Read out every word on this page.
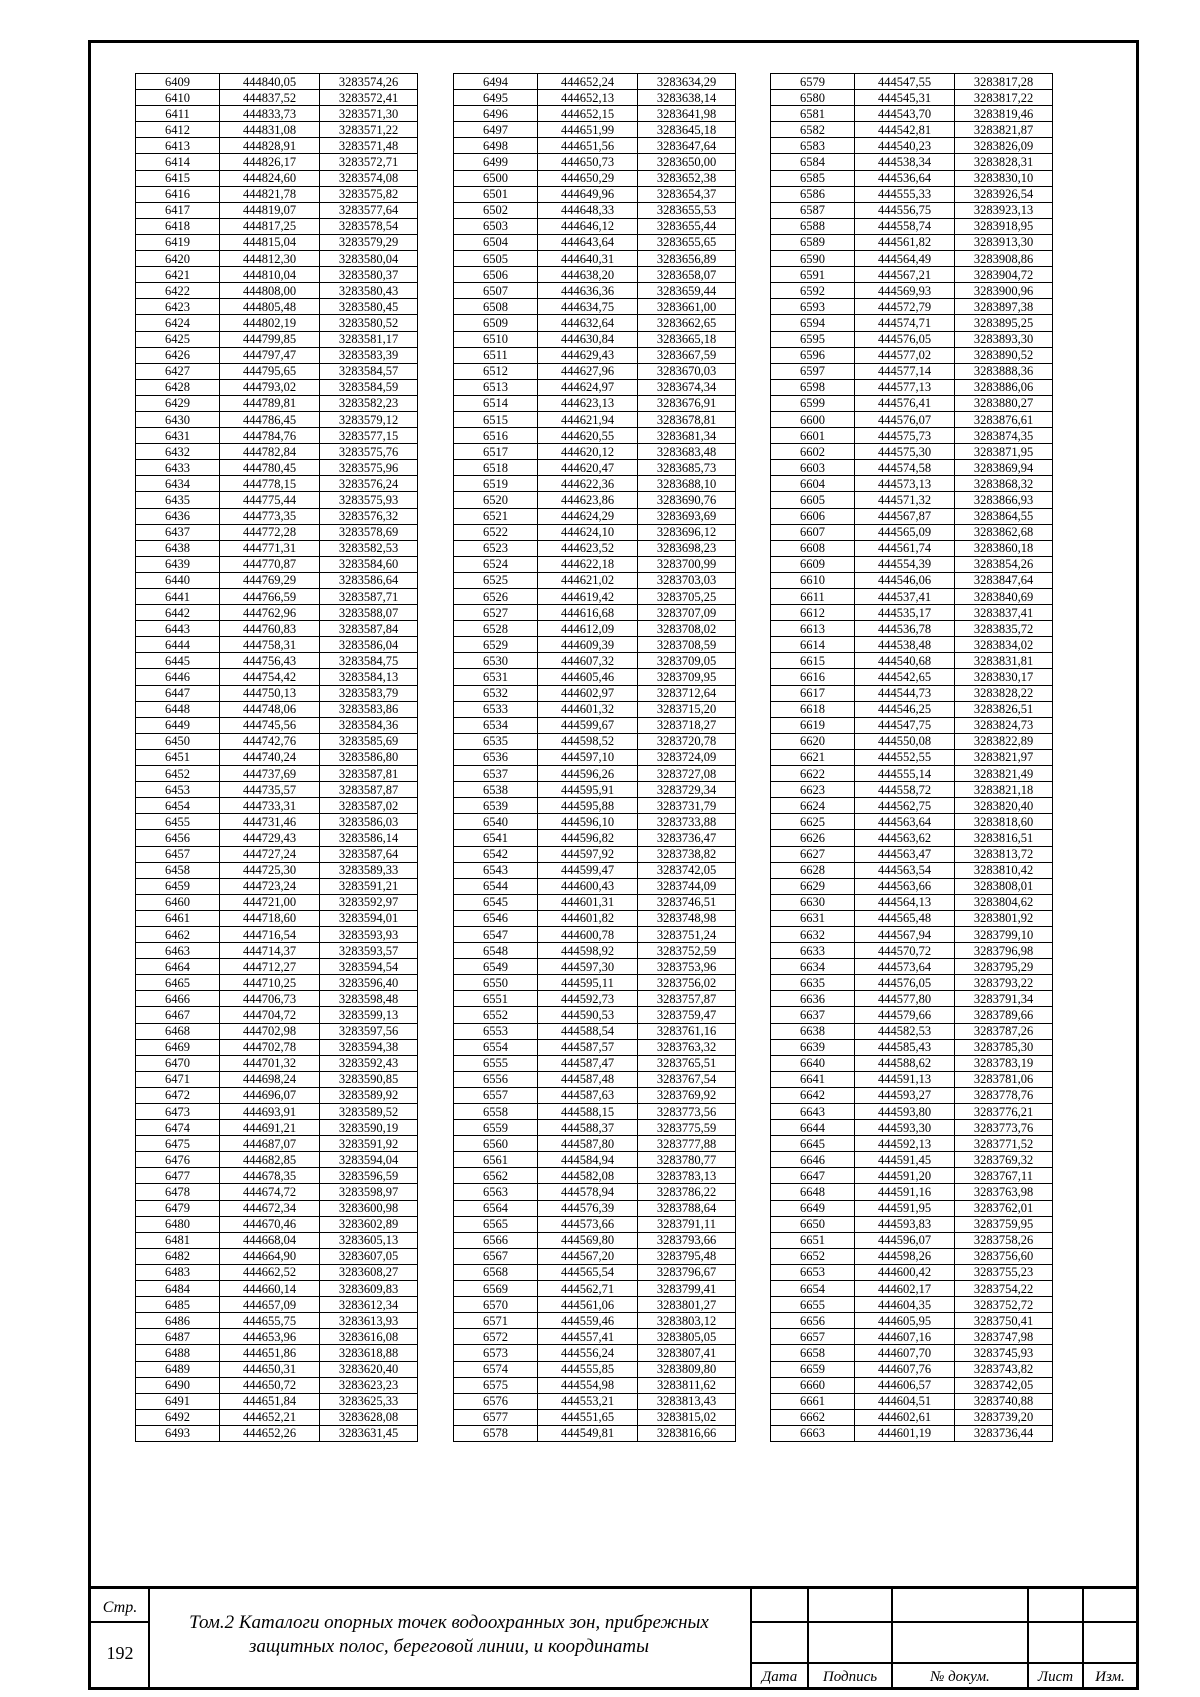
6409	444840,05	3283574,26
6410	444837,52	3283572,41
6411	444833,73	3283571,30
6412	444831,08	3283571,22
6413	444828,91	3283571,48
6414	444826,17	3283572,71
6415	444824,60	3283574,08
6416	444821,78	3283575,82
6417	444819,07	3283577,64
6418	444817,25	3283578,54
6419	444815,04	3283579,29
6420	444812,30	3283580,04
6421	444810,04	3283580,37
6422	444808,00	3283580,43
6423	444805,48	3283580,45
6424	444802,19	3283580,52
6425	444799,85	3283581,17
6426	444797,47	3283583,39
6427	444795,65	3283584,57
6428	444793,02	3283584,59
6429	444789,81	3283582,23
6430	444786,45	3283579,12
6431	444784,76	3283577,15
6432	444782,84	3283575,76
6433	444780,45	3283575,96
6434	444778,15	3283576,24
6435	444775,44	3283575,93
6436	444773,35	3283576,32
6437	444772,28	3283578,69
6438	444771,31	3283582,53
6439	444770,87	3283584,60
6440	444769,29	3283586,64
6441	444766,59	3283587,71
6442	444762,96	3283588,07
6443	444760,83	3283587,84
6444	444758,31	3283586,04
6445	444756,43	3283584,75
6446	444754,42	3283584,13
6447	444750,13	3283583,79
6448	444748,06	3283583,86
6449	444745,56	3283584,36
6450	444742,76	3283585,69
6451	444740,24	3283586,80
6452	444737,69	3283587,81
6453	444735,57	3283587,87
6454	444733,31	3283587,02
6455	444731,46	3283586,03
6456	444729,43	3283586,14
6457	444727,24	3283587,64
6458	444725,30	3283589,33
6459	444723,24	3283591,21
6460	444721,00	3283592,97
6461	444718,60	3283594,01
6462	444716,54	3283593,93
6463	444714,37	3283593,57
6464	444712,27	3283594,54
6465	444710,25	3283596,40
6466	444706,73	3283598,48
6467	444704,72	3283599,13
6468	444702,98	3283597,56
6469	444702,78	3283594,38
6470	444701,32	3283592,43
6471	444698,24	3283590,85
6472	444696,07	3283589,92
6473	444693,91	3283589,52
6474	444691,21	3283590,19
6475	444687,07	3283591,92
6476	444682,85	3283594,04
6477	444678,35	3283596,59
6478	444674,72	3283598,97
6479	444672,34	3283600,98
6480	444670,46	3283602,89
6481	444668,04	3283605,13
6482	444664,90	3283607,05
6483	444662,52	3283608,27
6484	444660,14	3283609,83
6485	444657,09	3283612,34
6486	444655,75	3283613,93
6487	444653,96	3283616,08
6488	444651,86	3283618,88
6489	444650,31	3283620,40
6490	444650,72	3283623,23
6491	444651,84	3283625,33
6492	444652,21	3283628,08
6493	444652,26	3283631,45
6494	444652,24	3283634,29
6495	444652,13	3283638,14
6496	444652,15	3283641,98
6497	444651,99	3283645,18
6498	444651,56	3283647,64
6499	444650,73	3283650,00
6500	444650,29	3283652,38
6501	444649,96	3283654,37
6502	444648,33	3283655,53
6503	444646,12	3283655,44
6504	444643,64	3283655,65
6505	444640,31	3283656,89
6506	444638,20	3283658,07
6507	444636,36	3283659,44
6508	444634,75	3283661,00
6509	444632,64	3283662,65
6510	444630,84	3283665,18
6511	444629,43	3283667,59
6512	444627,96	3283670,03
6513	444624,97	3283674,34
6514	444623,13	3283676,91
6515	444621,94	3283678,81
6516	444620,55	3283681,34
6517	444620,12	3283683,48
6518	444620,47	3283685,73
6519	444622,36	3283688,10
6520	444623,86	3283690,76
6521	444624,29	3283693,69
6522	444624,10	3283696,12
6523	444623,52	3283698,23
6524	444622,18	3283700,99
6525	444621,02	3283703,03
6526	444619,42	3283705,25
6527	444616,68	3283707,09
6528	444612,09	3283708,02
6529	444609,39	3283708,59
6530	444607,32	3283709,05
6531	444605,46	3283709,95
6532	444602,97	3283712,64
6533	444601,32	3283715,20
6534	444599,67	3283718,27
6535	444598,52	3283720,78
6536	444597,10	3283724,09
6537	444596,26	3283727,08
6538	444595,91	3283729,34
6539	444595,88	3283731,79
6540	444596,10	3283733,88
6541	444596,82	3283736,47
6542	444597,92	3283738,82
6543	444599,47	3283742,05
6544	444600,43	3283744,09
6545	444601,31	3283746,51
6546	444601,82	3283748,98
6547	444600,78	3283751,24
6548	444598,92	3283752,59
6549	444597,30	3283753,96
6550	444595,11	3283756,02
6551	444592,73	3283757,87
6552	444590,53	3283759,47
6553	444588,54	3283761,16
6554	444587,57	3283763,32
6555	444587,47	3283765,51
6556	444587,48	3283767,54
6557	444587,63	3283769,92
6558	444588,15	3283773,56
6559	444588,37	3283775,59
6560	444587,80	3283777,88
6561	444584,94	3283780,77
6562	444582,08	3283783,13
6563	444578,94	3283786,22
6564	444576,39	3283788,64
6565	444573,66	3283791,11
6566	444569,80	3283793,66
6567	444567,20	3283795,48
6568	444565,54	3283796,67
6569	444562,71	3283799,41
6570	444561,06	3283801,27
6571	444559,46	3283803,12
6572	444557,41	3283805,05
6573	444556,24	3283807,41
6574	444555,85	3283809,80
6575	444554,98	3283811,62
6576	444553,21	3283813,43
6577	444551,65	3283815,02
6578	444549,81	3283816,66
6579	444547,55	3283817,28
6580	444545,31	3283817,22
6581	444543,70	3283819,46
6582	444542,81	3283821,87
6583	444540,23	3283826,09
6584	444538,34	3283828,31
6585	444536,64	3283830,10
6586	444555,33	3283926,54
6587	444556,75	3283923,13
6588	444558,74	3283918,95
6589	444561,82	3283913,30
6590	444564,49	3283908,86
6591	444567,21	3283904,72
6592	444569,93	3283900,96
6593	444572,79	3283897,38
6594	444574,71	3283895,25
6595	444576,05	3283893,30
6596	444577,02	3283890,52
6597	444577,14	3283888,36
6598	444577,13	3283886,06
6599	444576,41	3283880,27
6600	444576,07	3283876,61
6601	444575,73	3283874,35
6602	444575,30	3283871,95
6603	444574,58	3283869,94
6604	444573,13	3283868,32
6605	444571,32	3283866,93
6606	444567,87	3283864,55
6607	444565,09	3283862,68
6608	444561,74	3283860,18
6609	444554,39	3283854,26
6610	444546,06	3283847,64
6611	444537,41	3283840,69
6612	444535,17	3283837,41
6613	444536,78	3283835,72
6614	444538,48	3283834,02
6615	444540,68	3283831,81
6616	444542,65	3283830,17
6617	444544,73	3283828,22
6618	444546,25	3283826,51
6619	444547,75	3283824,73
6620	444550,08	3283822,89
6621	444552,55	3283821,97
6622	444555,14	3283821,49
6623	444558,72	3283821,18
6624	444562,75	3283820,40
6625	444563,64	3283818,60
6626	444563,62	3283816,51
6627	444563,47	3283813,72
6628	444563,54	3283810,42
6629	444563,66	3283808,01
6630	444564,13	3283804,62
6631	444565,48	3283801,92
6632	444567,94	3283799,10
6633	444570,72	3283796,98
6634	444573,64	3283795,29
6635	444576,05	3283793,22
6636	444577,80	3283791,34
6637	444579,66	3283789,66
6638	444582,53	3283787,26
6639	444585,43	3283785,30
6640	444588,62	3283783,19
6641	444591,13	3283781,06
6642	444593,27	3283778,76
6643	444593,80	3283776,21
6644	444593,30	3283773,76
6645	444592,13	3283771,52
6646	444591,45	3283769,32
6647	444591,20	3283767,11
6648	444591,16	3283763,98
6649	444591,95	3283762,01
6650	444593,83	3283759,95
6651	444596,07	3283758,26
6652	444598,26	3283756,60
6653	444600,42	3283755,23
6654	444602,17	3283754,22
6655	444604,35	3283752,72
6656	444605,95	3283750,41
6657	444607,16	3283747,98
6658	444607,70	3283745,93
6659	444607,76	3283743,82
6660	444606,57	3283742,05
6661	444604,51	3283740,88
6662	444602,61	3283739,20
6663	444601,19	3283736,44
Стр.
192
Том.2 Каталоги опорных точек водоохранных зон, прибрежных защитных полос, береговой линии, и координаты
Дата	Подпись	№ докум.	Лист	Изм.
